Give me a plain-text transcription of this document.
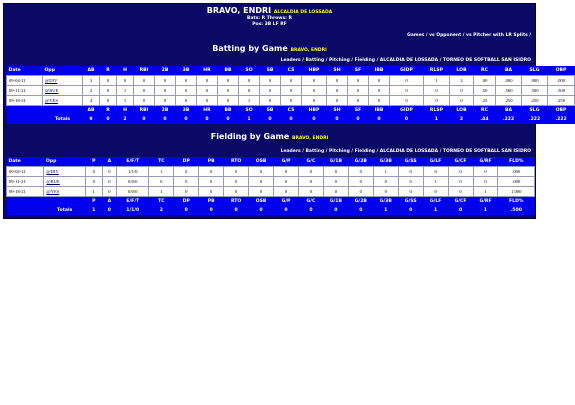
BRAVO, ENDRI ALCALDIA DE LOSSADA
Bats: R Throws: R
Pos: 3B LF RF
Games / vs Opponent / vs Pitcher with LR Splits /
Batting by Game BRAVO, ENDRI
Leaders / Batting / Pitching / Fielding / ALCALDIA DE LOSSADA / TORNEO DE SOFTBALL SAN ISIDRO
Date	Opp	AB	R	H	RBI	2B	3B	HR	BB	SO	SB	CS	HBP	SH	SF	IBB	GIDP	RLSP	LOB	RC	BA	SLG	OBP
09-04-21	@DIV	3	0	0	0	0	0	0	0	0	0	0	0	0	0	0	0	1	2	.00	.000	.000	.000
09-11-21	@RUE	2	0	1	0	0	0	0	0	0	0	0	0	0	0	0	0	0	0	.50	.500	.500	.500
09-18-21	@YES	4	0	1	0	0	0	0	0	1	0	0	0	0	0	0	0	0	0	.25	.250	.250	.250
		AB	R	H	RBI	2B	3B	HR	BB	SO	SB	CS	HBP	SH	SF	IBB	GIDP	RLSP	LOB	RC	BA	SLG	OBP
	Totals	9	0	2	0	0	0	0	0	1	0	0	0	0	0	0	0	1	2	.44	.222	.222	.222
Fielding by Game BRAVO, ENDRI
Leaders / Batting / Pitching / Fielding / ALCALDIA DE LOSSADA / TORNEO DE SOFTBALL SAN ISIDRO
Date	Opp	P	A	E/F/T	TC	DP	PB	RTO	OSB	G/P	G/C	G/1B	G/2B	G/3B	G/SS	G/LF	G/CF	G/RF	FLD%
09-04-21	@DIV	0	0	1/1/0	1	0	0	0	0	0	0	0	0	1	0	0	0	0	.000
09-11-21	@RUE	0	0	0/0/0	0	0	0	0	0	0	0	0	0	0	0	1	0	0	.000
09-18-21	@YES	1	0	0/0/0	1	0	0	0	0	0	0	0	0	0	0	0	0	1	1.000
		P	A	E/F/T	TC	DP	PB	RTO	OSB	G/P	G/C	G/1B	G/2B	G/3B	G/SS	G/LF	G/CF	G/RF	FLD%
	Totals	1	0	1/1/0	2	0	0	0	0	0	0	0	0	1	0	1	0	1	.500
